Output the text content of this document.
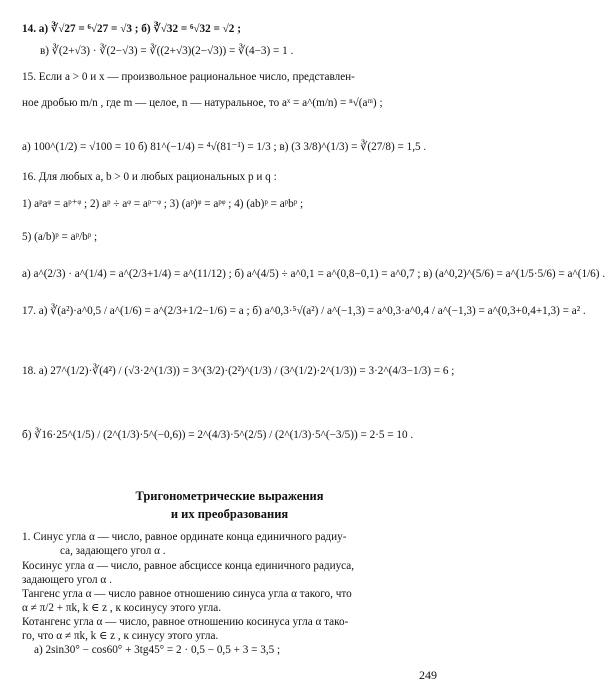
14. а) ∛√27 = ⁶√27 = √3 ; б) ∛√32 = ⁶√32 = √2 ;
в) ∛(2+√3) · ∛(2−√3) = ∛((2+√3)(2−√3)) = ∛(4−3) = 1 .
15. Если a > 0 и x — произвольное рациональное число, представлен-
ное дробью m/n , где m — целое, n — натуральное, то aˣ = a^(m/n) = ⁿ√(aᵐ) ;
а) 100^(1/2) = √100 = 10 б) 81^(−1/4) = ⁴√(81⁻¹) = 1/3 ; в) (3 3/8)^(1/3) = ∛(27/8) = 1,5 .
16. Для любых a, b > 0 и любых рациональных p и q :
1) aᵖaᵠ = aᵖ⁺ᵠ ; 2) aᵖ ÷ aᵠ = aᵖ⁻ᵠ ; 3) (aᵖ)ᵠ = aᵖᵠ ; 4) (ab)ᵖ = aᵖbᵖ ;
5) (a/b)ᵖ = aᵖ/bᵖ ;
а) a^(2/3) · a^(1/4) = a^(2/3+1/4) = a^(11/12) ; б) a^(4/5) ÷ a^0,1 = a^(0,8−0,1) = a^0,7 ; в) (a^0,2)^(5/6) = a^(1/5·5/6) = a^(1/6) .
17. а) ∛(a²)·a^0,5 / a^(1/6) = a^(2/3+1/2−1/6) = a ; б) a^0,3·⁵√(a²) / a^(−1,3) = a^0,3·a^0,4 / a^(−1,3) = a^(0,3+0,4+1,3) = a² .
18. а) 27^(1/2)·∛(4²) / (√3·2^(1/3)) = 3^(3/2)·(2²)^(1/3) / (3^(1/2)·2^(1/3)) = 3·2^(4/3−1/3) = 6 ;
б) ∛16·25^(1/5) / (2^(1/3)·5^(−0,6)) = 2^(4/3)·5^(2/5) / (2^(1/3)·5^(−3/5)) = 2·5 = 10 .
Тригонометрические выражения
и их преобразования
1. Синус угла α — число, равное ординате конца единичного радиу-
са, задающего угол α .
Косинус угла α — число, равное абсциссе конца единичного радиуса,
задающего угол α .
Тангенс угла α — число равное отношению синуса угла α такого, что
α ≠ π/2 + πk, k ∈ z , к косинусу этого угла.
Котангенс угла α — число, равное отношению косинуса угла α тако-
го, что α ≠ πk, k ∈ z , к синусу этого угла.
а) 2sin30° − cos60° + 3tg45° = 2 · 0,5 − 0,5 + 3 = 3,5 ;
249
